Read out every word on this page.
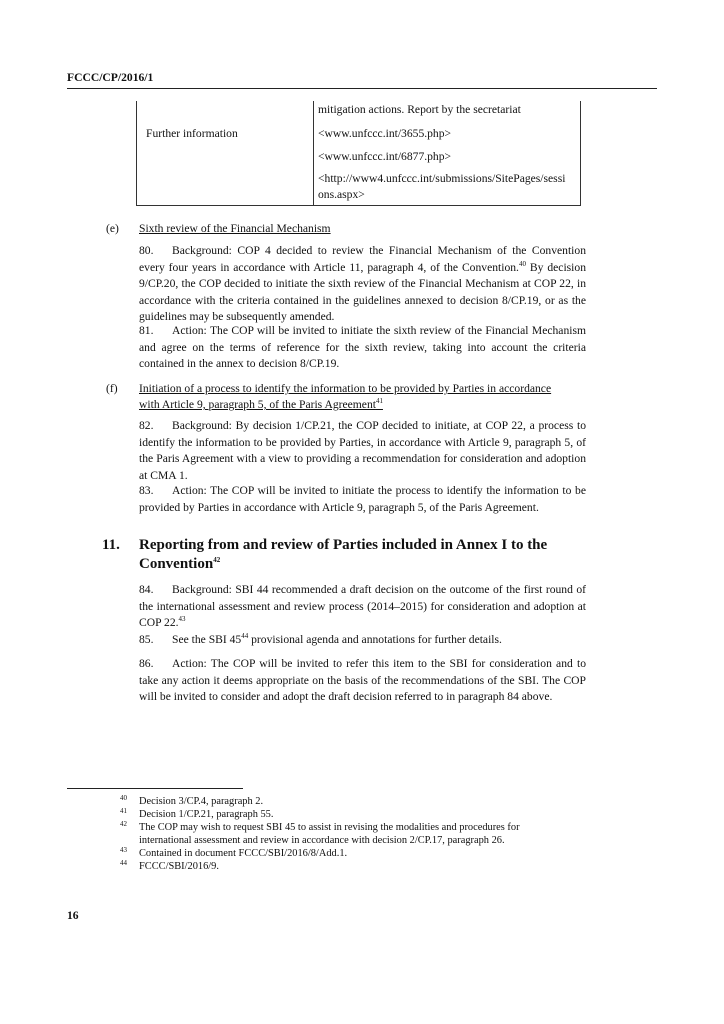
FCCC/CP/2016/1
mitigation actions. Report by the secretariat
Further information	<www.unfccc.int/3655.php>
<www.unfccc.int/6877.php>
<http://www4.unfccc.int/submissions/SitePages/sessi
ons.aspx>
(e) Sixth review of the Financial Mechanism
80. Background: COP 4 decided to review the Financial Mechanism of the Convention every four years in accordance with Article 11, paragraph 4, of the Convention.$^{40}$ By decision 9/CP.20, the COP decided to initiate the sixth review of the Financial Mechanism at COP 22, in accordance with the criteria contained in the guidelines annexed to decision 8/CP.19, or as the guidelines may be subsequently amended.
81. Action: The COP will be invited to initiate the sixth review of the Financial Mechanism and agree on the terms of reference for the sixth review, taking into account the criteria contained in the annex to decision 8/CP.19.
(f) Initiation of a process to identify the information to be provided by Parties in accordance
with Article 9, paragraph 5, of the Paris Agreement$^{41}$
82. Background: By decision 1/CP.21, the COP decided to initiate, at COP 22, a process to identify the information to be provided by Parties, in accordance with Article 9, paragraph 5, of the Paris Agreement with a view to providing a recommendation for consideration and adoption at CMA 1.
83. Action: The COP will be invited to initiate the process to identify the information to be provided by Parties in accordance with Article 9, paragraph 5, of the Paris Agreement.
11. Reporting from and review of Parties included in Annex I to the Convention$^{42}$
84. Background: SBI 44 recommended a draft decision on the outcome of the first round of the international assessment and review process (2014–2015) for consideration and adoption at COP 22.43
85. See the SBI $45^{44}$ provisional agenda and annotations for further details.
86. Action: The COP will be invited to refer this item to the SBI for consideration and to take any action it deems appropriate on the basis of the recommendations of the SBI. The COP will be invited to consider and adopt the draft decision referred to in paragraph 84 above.
40 Decision 3/CP.4, paragraph 2.
41 Decision 1/CP.21, paragraph 55.
42 The COP may wish to request SBI 45 to assist in revising the modalities and procedures for
international assessment and review in accordance with decision 2/CP.17, paragraph 26.
43 Contained in document FCCC/SBI/2016/8/Add.1.
44 FCCC/SBI/2016/9.
16
